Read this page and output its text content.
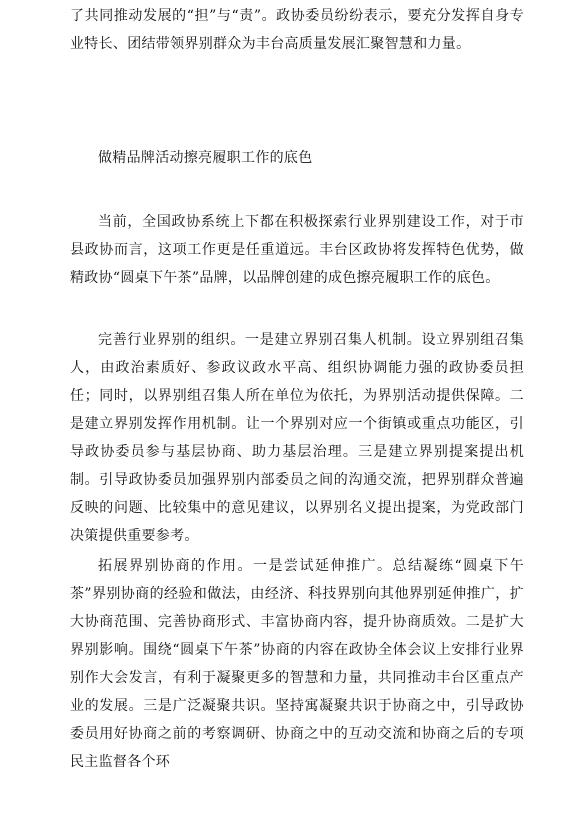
了共同推动发展的“担”与“责”。政协委员纷纷表示，要充分发挥自身专业特长、团结带领界别群众为丰台高质量发展汇聚智慧和力量。

做精品牌活动擦亮履职工作的底色

当前，全国政协系统上下都在积极探索行业界别建设工作，对于市县政协而言，这项工作更是任重道远。丰台区政协将发挥特色优势，做精政协“圆桌下午茶”品牌，以品牌创建的成色擦亮履职工作的底色。

完善行业界别的组织。一是建立界别召集人机制。设立界别组召集人，由政治素质好、参政议政水平高、组织协调能力强的政协委员担任；同时，以界别组召集人所在单位为依托，为界别活动提供保障。二是建立界别发挥作用机制。让一个界别对应一个街镇或重点功能区，引导政协委员参与基层协商、助力基层治理。三是建立界别提案提出机制。引导政协委员加强界别内部委员之间的沟通交流，把界别群众普遍反映的问题、比较集中的意见建议，以界别名义提出提案，为党政部门决策提供重要参考。

拓展界别协商的作用。一是尝试延伸推广。总结凝练“圆桌下午茶”界别协商的经验和做法，由经济、科技界别向其他界别延伸推广，扩大协商范围、完善协商形式、丰富协商内容，提升协商质效。二是扩大界别影响。围绕“圆桌下午茶”协商的内容在政协全体会议上安排行业界别作大会发言，有利于凝聚更多的智慧和力量，共同推动丰台区重点产业的发展。三是广泛凝聚共识。坚持寓凝聚共识于协商之中，引导政协委员用好协商之前的考察调研、协商之中的互动交流和协商之后的专项民主监督各个环
